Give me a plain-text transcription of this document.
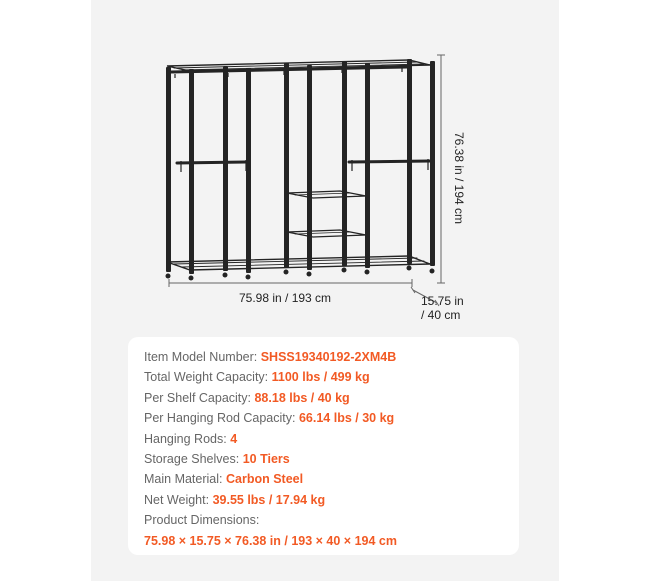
75.98 in / 193 cm
76.38 in / 194 cm
15.75 in
/ 40 cm
Item Model Number: SHSS19340192-2XM4B
Total Weight Capacity: 1100 lbs / 499 kg
Per Shelf Capacity: 88.18 lbs / 40 kg
Per Hanging Rod Capacity: 66.14 lbs / 30 kg
Hanging Rods: 4
Storage Shelves: 10 Tiers
Main Material: Carbon Steel
Net Weight: 39.55 lbs / 17.94 kg
Product Dimensions:
75.98 × 15.75 × 76.38 in / 193 × 40 × 194 cm
